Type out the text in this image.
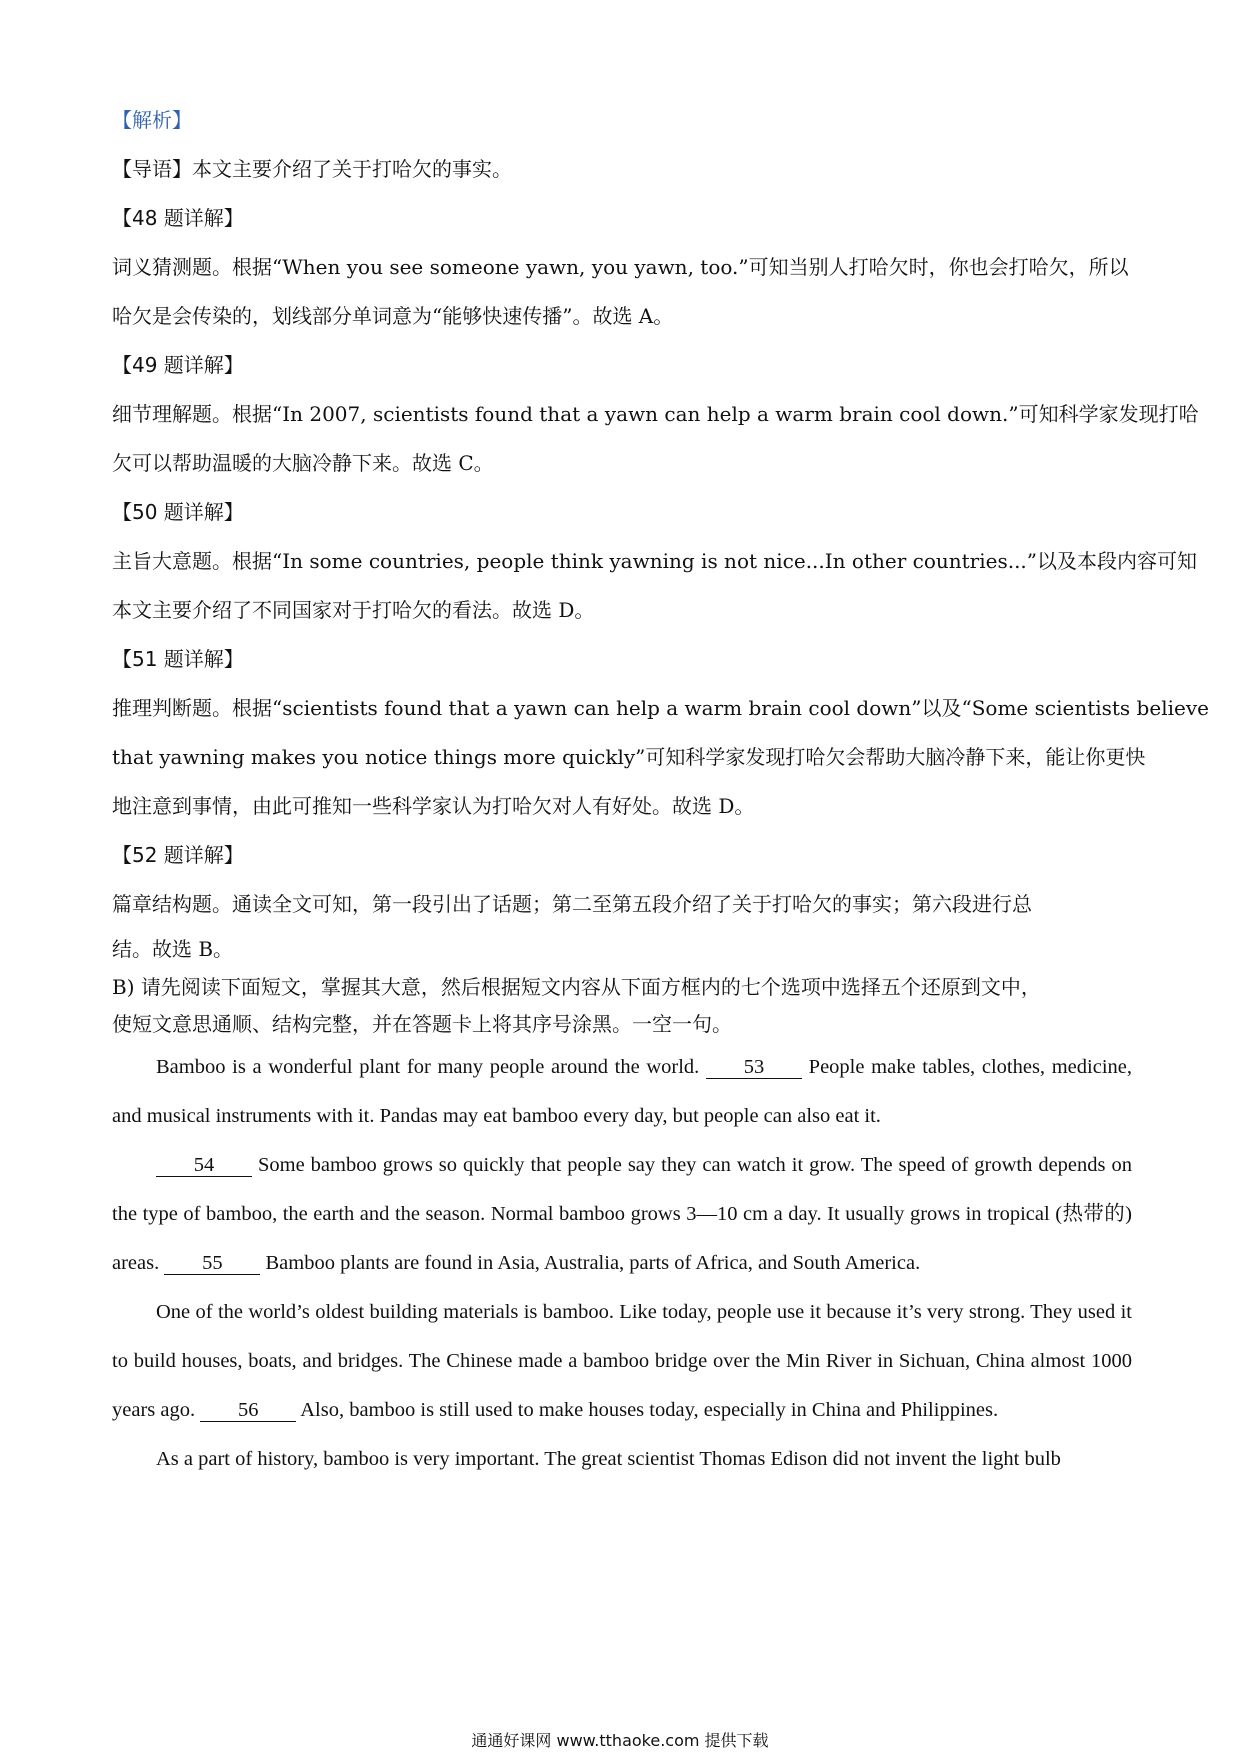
【解析】

【导语】本文主要介绍了关于打哈欠的事实。

【48 题详解】

词义猜测题。根据“When you see someone yawn, you yawn, too.”可知当别人打哈欠时，你也会打哈欠，所以

哈欠是会传染的，划线部分单词意为“能够快速传播”。故选 A。

【49 题详解】

细节理解题。根据“In 2007, scientists found that a yawn can help a warm brain cool down.”可知科学家发现打哈

欠可以帮助温暖的大脑冷静下来。故选 C。

【50 题详解】

主旨大意题。根据“In some countries, people think yawning is not nice...In other countries...”以及本段内容可知

本文主要介绍了不同国家对于打哈欠的看法。故选 D。

【51 题详解】

推理判断题。根据“scientists found that a yawn can help a warm brain cool down”以及“Some scientists believe

that yawning makes you notice things more quickly”可知科学家发现打哈欠会帮助大脑冷静下来，能让你更快

地注意到事情，由此可推知一些科学家认为打哈欠对人有好处。故选 D。

【52 题详解】

篇章结构题。通读全文可知，第一段引出了话题；第二至第五段介绍了关于打哈欠的事实；第六段进行总

结。故选 B。

B) 请先阅读下面短文，掌握其大意，然后根据短文内容从下面方框内的七个选项中选择五个还原到文中，

使短文意思通顺、结构完整，并在答题卡上将其序号涂黑。一空一句。

Bamboo is a wonderful plant for many people around the world. 53 People make tables, clothes, medicine, and musical instruments with it. Pandas may eat bamboo every day, but people can also eat it.

54 Some bamboo grows so quickly that people say they can watch it grow. The speed of growth depends on the type of bamboo, the earth and the season. Normal bamboo grows 3—10 cm a day. It usually grows in tropical (热带的) areas. 55 Bamboo plants are found in Asia, Australia, parts of Africa, and South America.

One of the world’s oldest building materials is bamboo. Like today, people use it because it’s very strong. They used it to build houses, boats, and bridges. The Chinese made a bamboo bridge over the Min River in Sichuan, China almost 1000 years ago. 56 Also, bamboo is still used to make houses today, especially in China and Philippines.

As a part of history, bamboo is very important. The great scientist Thomas Edison did not invent the light bulb

通通好课网 www.tthaoke.com 提供下载
